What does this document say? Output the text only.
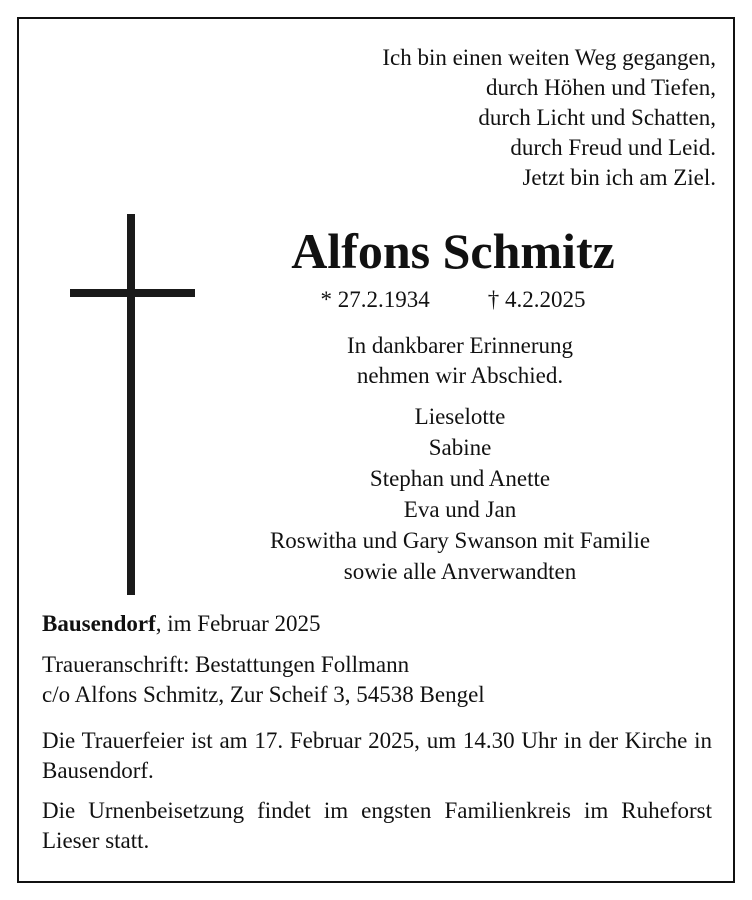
Ich bin einen weiten Weg gegangen,
durch Höhen und Tiefen,
durch Licht und Schatten,
durch Freud und Leid.
Jetzt bin ich am Ziel.
Alfons Schmitz
* 27.2.1934	† 4.2.2025
In dankbarer Erinnerung
nehmen wir Abschied.
Lieselotte
Sabine
Stephan und Anette
Eva und Jan
Roswitha und Gary Swanson mit Familie
sowie alle Anverwandten
Bausendorf, im Februar 2025
Traueranschrift: Bestattungen Follmann
c/o Alfons Schmitz, Zur Scheif 3, 54538 Bengel
Die Trauerfeier ist am 17. Februar 2025, um 14.30 Uhr in der Kirche in Bausendorf.
Die Urnenbeisetzung findet im engsten Familienkreis im Ruheforst Lieser statt.
